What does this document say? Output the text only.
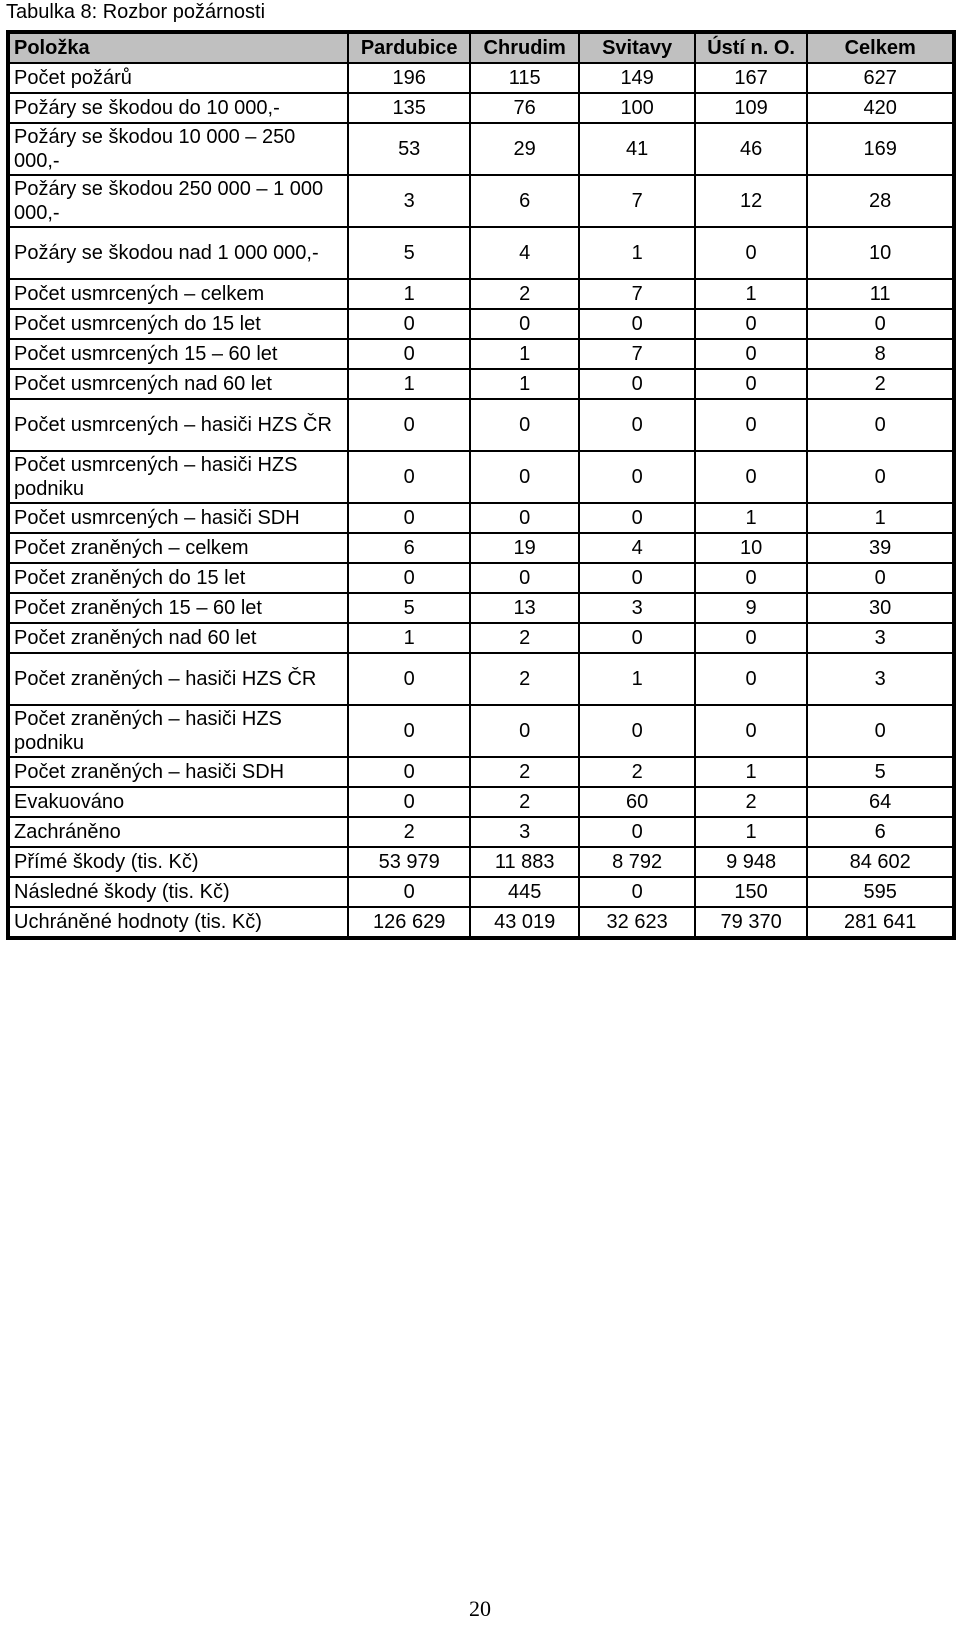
Tabulka 8: Rozbor požárnosti
Položka	Pardubice	Chrudim	Svitavy	Ústí n. O.	Celkem
Počet požárů	196	115	149	167	627
Požáry se škodou do 10 000,-	135	76	100	109	420
Požáry se škodou 10 000 – 250 000,-	53	29	41	46	169
Požáry se škodou 250 000 – 1 000 000,-	3	6	7	12	28
Požáry se škodou nad 1 000 000,-	5	4	1	0	10
Počet usmrcených – celkem	1	2	7	1	11
Počet usmrcených do 15 let	0	0	0	0	0
Počet usmrcených 15 – 60 let	0	1	7	0	8
Počet usmrcených nad 60 let	1	1	0	0	2
Počet usmrcených – hasiči HZS ČR	0	0	0	0	0
Počet usmrcených – hasiči HZS podniku	0	0	0	0	0
Počet usmrcených – hasiči SDH	0	0	0	1	1
Počet zraněných – celkem	6	19	4	10	39
Počet zraněných do 15 let	0	0	0	0	0
Počet zraněných 15 – 60 let	5	13	3	9	30
Počet zraněných nad 60 let	1	2	0	0	3
Počet zraněných – hasiči HZS ČR	0	2	1	0	3
Počet zraněných – hasiči HZS podniku	0	0	0	0	0
Počet zraněných – hasiči SDH	0	2	2	1	5
Evakuováno	0	2	60	2	64
Zachráněno	2	3	0	1	6
Přímé škody (tis. Kč)	53 979	11 883	8 792	9 948	84 602
Následné škody (tis. Kč)	0	445	0	150	595
Uchráněné hodnoty (tis. Kč)	126 629	43 019	32 623	79 370	281 641
20
